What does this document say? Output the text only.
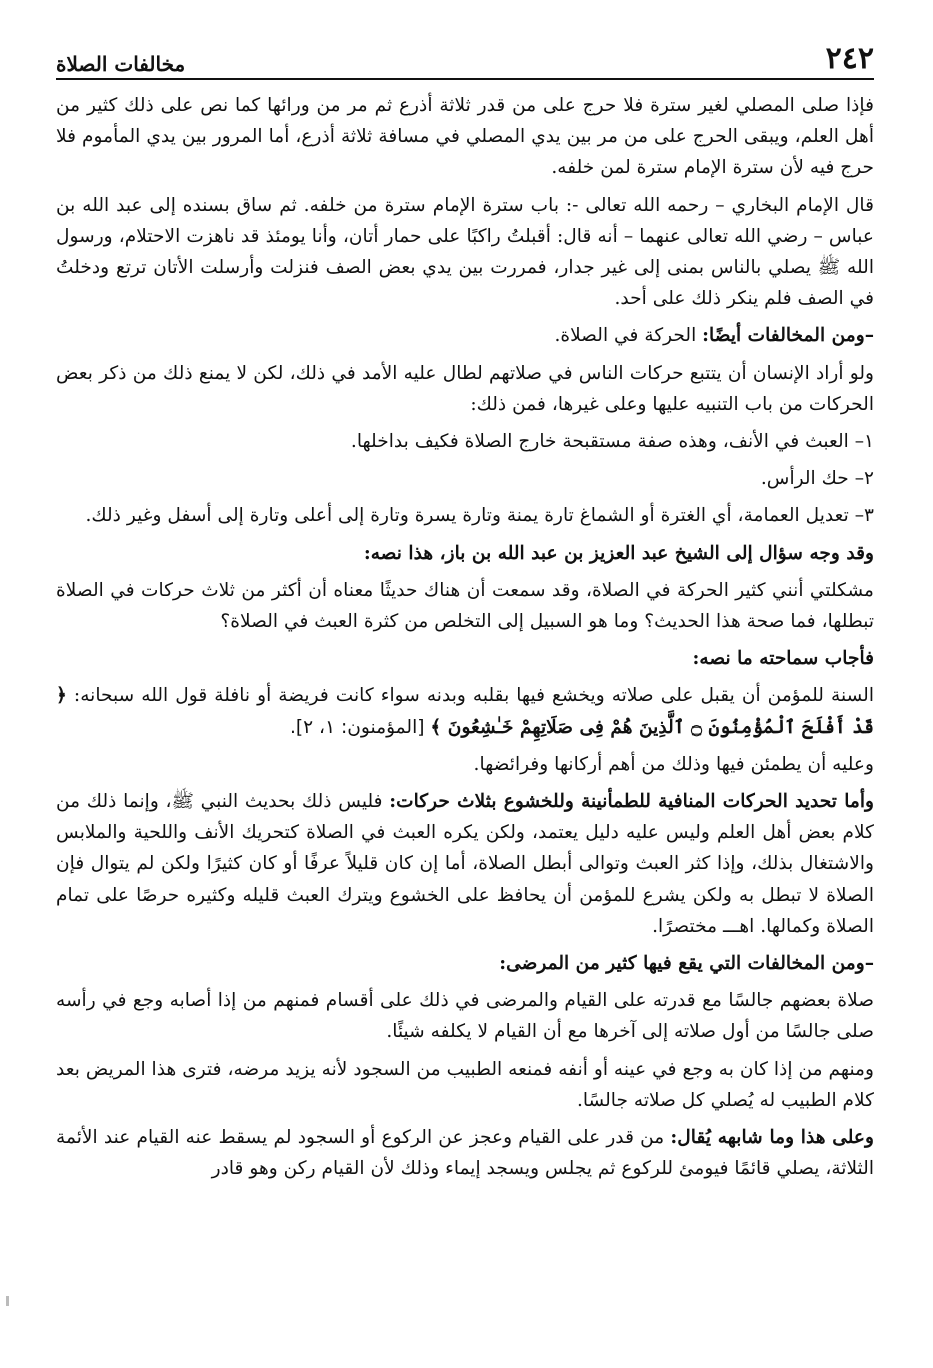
٢٤٢
مخالفات الصلاة

فإذا صلى المصلي لغير سترة فلا حرج على من قدر ثلاثة أذرع ثم مر من ورائها كما نص على ذلك كثير من أهل العلم، ويبقى الحرج على من مر بين يدي المصلي في مسافة ثلاثة أذرع، أما المرور بين يدي المأموم فلا حرج فيه لأن سترة الإمام سترة لمن خلفه.

قال الإمام البخاري – رحمه الله تعالى -: باب سترة الإمام سترة من خلفه. ثم ساق بسنده إلى عبد الله بن عباس – رضي الله تعالى عنهما – أنه قال: أقبلتُ راكبًا على حمار أتان، وأنا يومئذ قد ناهزت الاحتلام، ورسول الله ﷺ يصلي بالناس بمنى إلى غير جدار، فمررت بين يدي بعض الصف فنزلت وأرسلت الأتان ترتع ودخلتُ في الصف فلم ينكر ذلك على أحد.

–ومن المخالفات أيضًا: الحركة في الصلاة.

ولو أراد الإنسان أن يتتبع حركات الناس في صلاتهم لطال عليه الأمد في ذلك، لكن لا يمنع ذلك من ذكر بعض الحركات من باب التنبيه عليها وعلى غيرها، فمن ذلك:

١– العبث في الأنف، وهذه صفة مستقبحة خارج الصلاة فكيف بداخلها.

٢– حك الرأس.

٣– تعديل العمامة، أي الغترة أو الشماغ تارة يمنة وتارة يسرة وتارة إلى أعلى وتارة إلى أسفل وغير ذلك.

وقد وجه سؤال إلى الشيخ عبد العزيز بن عبد الله بن باز، هذا نصه:

مشكلتي أنني كثير الحركة في الصلاة، وقد سمعت أن هناك حديثًا معناه أن أكثر من ثلاث حركات في الصلاة تبطلها، فما صحة هذا الحديث؟ وما هو السبيل إلى التخلص من كثرة العبث في الصلاة؟

فأجاب سماحته ما نصه:

السنة للمؤمن أن يقبل على صلاته ويخشع فيها بقلبه وبدنه سواء كانت فريضة أو نافلة قول الله سبحانه: ﴿ قَدْ أَفْلَحَ ٱلْمُؤْمِنُونَ ۝ ٱلَّذِينَ هُمْ فِى صَلَاتِهِمْ خَـٰشِعُونَ ﴾ [المؤمنون: ١، ٢].

وعليه أن يطمئن فيها وذلك من أهم أركانها وفرائضها.

وأما تحديد الحركات المنافية للطمأنينة وللخشوع بثلاث حركات: فليس ذلك بحديث النبي ﷺ، وإنما ذلك من كلام بعض أهل العلم وليس عليه دليل يعتمد، ولكن يكره العبث في الصلاة كتحريك الأنف واللحية والملابس والاشتغال بذلك، وإذا كثر العبث وتوالى أبطل الصلاة، أما إن كان قليلاً عرفًا أو كان كثيرًا ولكن لم يتوال فإن الصلاة لا تبطل به ولكن يشرع للمؤمن أن يحافظ على الخشوع ويترك العبث قليله وكثيره حرصًا على تمام الصلاة وكمالها. اهـــ مختصرًا.

–ومن المخالفات التي يقع فيها كثير من المرضى:

صلاة بعضهم جالسًا مع قدرته على القيام والمرضى في ذلك على أقسام فمنهم من إذا أصابه وجع في رأسه صلى جالسًا من أول صلاته إلى آخرها مع أن القيام لا يكلفه شيئًا.

ومنهم من إذا كان به وجع في عينه أو أنفه فمنعه الطبيب من السجود لأنه يزيد مرضه، فترى هذا المريض بعد كلام الطبيب له يُصلي كل صلاته جالسًا.

وعلى هذا وما شابهه يُقال: من قدر على القيام وعجز عن الركوع أو السجود لم يسقط عنه القيام عند الأئمة الثلاثة، يصلي قائمًا فيومئ للركوع ثم يجلس ويسجد إيماء وذلك لأن القيام ركن وهو قادر
